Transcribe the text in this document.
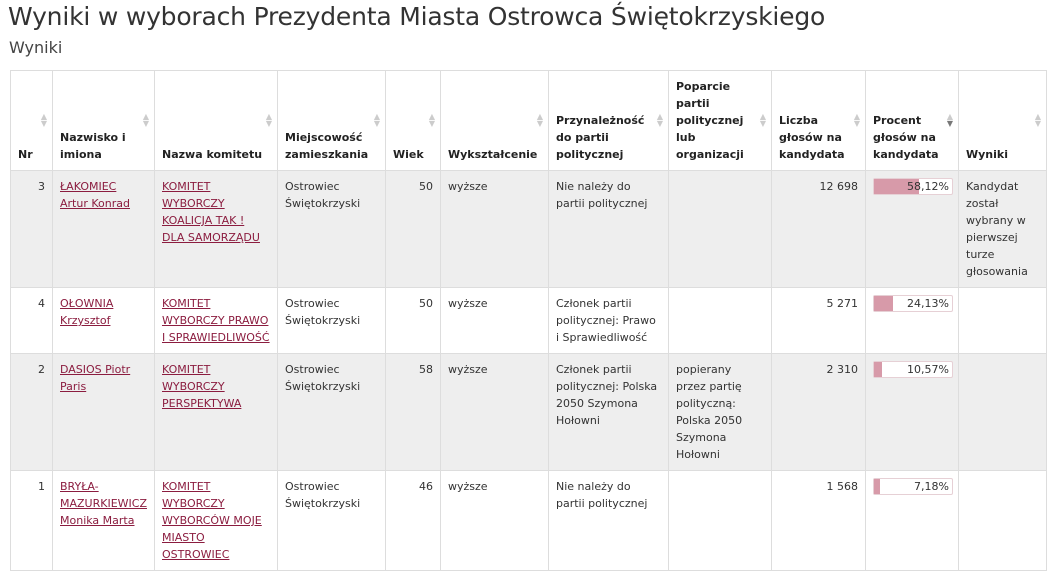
Wyniki w wyborach Prezydenta Miasta Ostrowca Świętokrzyskiego
Wyniki
Nr
▲
▼	Nazwisko i imiona
▲
▼	Nazwa komitetu
▲
▼	Miejscowość zamieszkania
▲
▼	Wiek
▲
▼	Wykształcenie
▲
▼	Przynależność do partii politycznej
▲
▼	Poparcie partii politycznej lub organizacji
▲
▼	Liczba głosów na kandydata
▲
▼	Procent głosów na kandydata
▲
▼	Wyniki
▲
▼

3	ŁAKOMIEC Artur Konrad	KOMITET WYBORCZY KOALICJA TAK ! DLA SAMORZĄDU	Ostrowiec Świętokrzyski	50	wyższe	Nie należy do partii politycznej		12 698	58,12%	Kandydat został wybrany w pierwszej turze głosowania
4	OŁOWNIA Krzysztof	KOMITET WYBORCZY PRAWO I SPRAWIEDLIWOŚĆ	Ostrowiec Świętokrzyski	50	wyższe	Członek partii politycznej: Prawo i Sprawiedliwość		5 271	24,13%	

2	DASIOS Piotr Paris	KOMITET WYBORCZY PERSPEKTYWA	Ostrowiec Świętokrzyski	58	wyższe	Członek partii politycznej: Polska 2050 Szymona Hołowni	popierany przez partię polityczną: Polska 2050 Szymona Hołowni	2 310	10,57%	

1	BRYŁA-MAZURKIEWICZ Monika Marta	KOMITET WYBORCZY WYBORCÓW MOJE MIASTO OSTROWIEC	Ostrowiec Świętokrzyski	46	wyższe	Nie należy do partii politycznej		1 568	7,18%	
